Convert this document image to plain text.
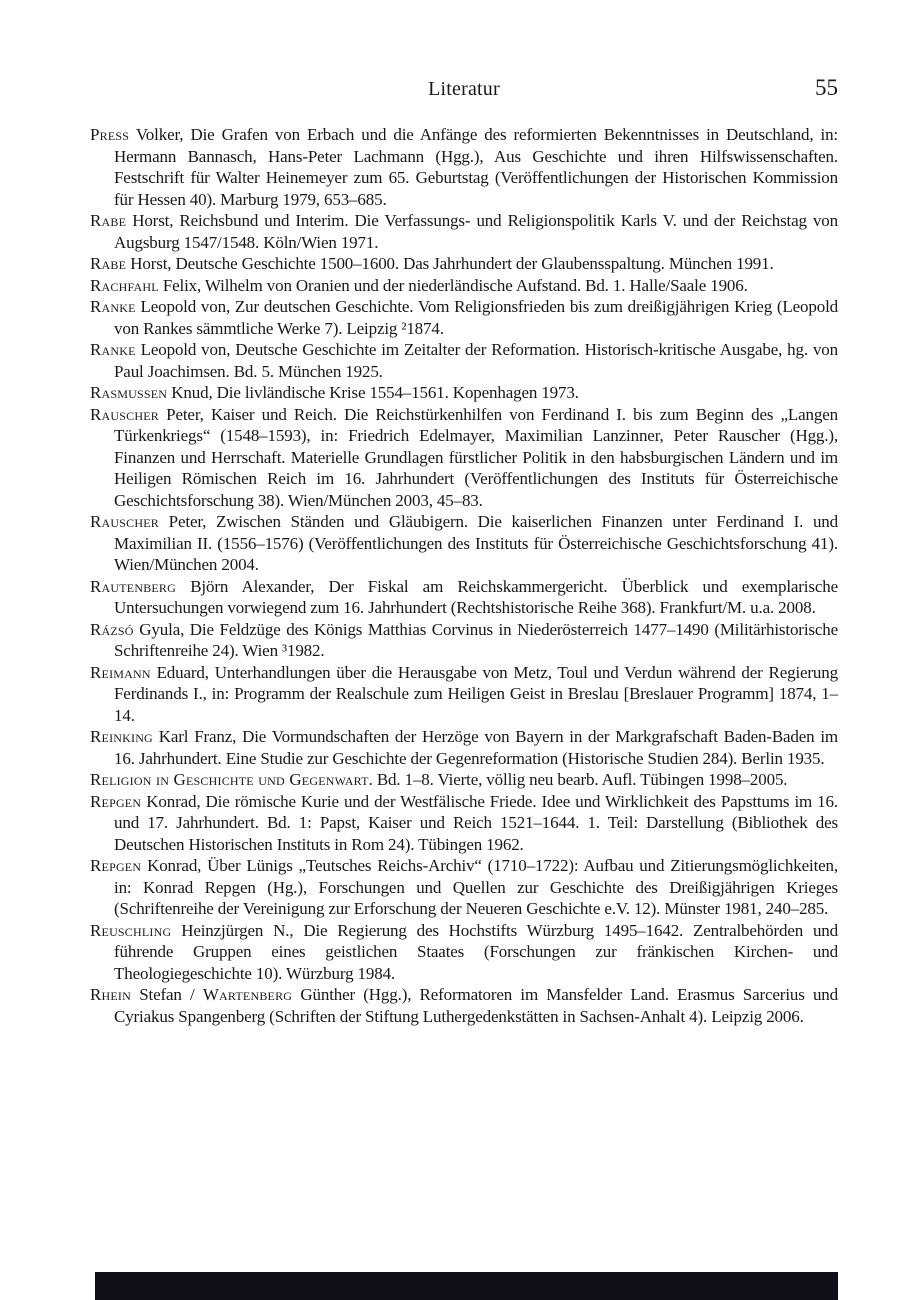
Literatur	55
Press Volker, Die Grafen von Erbach und die Anfänge des reformierten Bekenntnisses in Deutschland, in: Hermann Bannasch, Hans-Peter Lachmann (Hgg.), Aus Geschichte und ihren Hilfswissenschaften. Festschrift für Walter Heinemeyer zum 65. Geburtstag (Veröffentlichungen der Historischen Kommission für Hessen 40). Marburg 1979, 653–685.
Rabe Horst, Reichsbund und Interim. Die Verfassungs- und Religionspolitik Karls V. und der Reichstag von Augsburg 1547/1548. Köln/Wien 1971.
Rabe Horst, Deutsche Geschichte 1500–1600. Das Jahrhundert der Glaubensspaltung. München 1991.
Rachfahl Felix, Wilhelm von Oranien und der niederländische Aufstand. Bd. 1. Halle/Saale 1906.
Ranke Leopold von, Zur deutschen Geschichte. Vom Religionsfrieden bis zum dreißigjährigen Krieg (Leopold von Rankes sämmtliche Werke 7). Leipzig ²1874.
Ranke Leopold von, Deutsche Geschichte im Zeitalter der Reformation. Historisch-kritische Ausgabe, hg. von Paul Joachimsen. Bd. 5. München 1925.
Rasmussen Knud, Die livländische Krise 1554–1561. Kopenhagen 1973.
Rauscher Peter, Kaiser und Reich. Die Reichstürkenhilfen von Ferdinand I. bis zum Beginn des „Langen Türkenkriegs“ (1548–1593), in: Friedrich Edelmayer, Maximilian Lanzinner, Peter Rauscher (Hgg.), Finanzen und Herrschaft. Materielle Grundlagen fürstlicher Politik in den habsburgischen Ländern und im Heiligen Römischen Reich im 16. Jahrhundert (Veröffentlichungen des Instituts für Österreichische Geschichtsforschung 38). Wien/München 2003, 45–83.
Rauscher Peter, Zwischen Ständen und Gläubigern. Die kaiserlichen Finanzen unter Ferdinand I. und Maximilian II. (1556–1576) (Veröffentlichungen des Instituts für Österreichische Geschichtsforschung 41). Wien/München 2004.
Rautenberg Björn Alexander, Der Fiskal am Reichskammergericht. Überblick und exemplarische Untersuchungen vorwiegend zum 16. Jahrhundert (Rechtshistorische Reihe 368). Frankfurt/M. u.a. 2008.
Rázsó Gyula, Die Feldzüge des Königs Matthias Corvinus in Niederösterreich 1477–1490 (Militärhistorische Schriftenreihe 24). Wien ³1982.
Reimann Eduard, Unterhandlungen über die Herausgabe von Metz, Toul und Verdun während der Regierung Ferdinands I., in: Programm der Realschule zum Heiligen Geist in Breslau [Breslauer Programm] 1874, 1–14.
Reinking Karl Franz, Die Vormundschaften der Herzöge von Bayern in der Markgrafschaft Baden-Baden im 16. Jahrhundert. Eine Studie zur Geschichte der Gegenreformation (Historische Studien 284). Berlin 1935.
Religion in Geschichte und Gegenwart. Bd. 1–8. Vierte, völlig neu bearb. Aufl. Tübingen 1998–2005.
Repgen Konrad, Die römische Kurie und der Westfälische Friede. Idee und Wirklichkeit des Papsttums im 16. und 17. Jahrhundert. Bd. 1: Papst, Kaiser und Reich 1521–1644. 1. Teil: Darstellung (Bibliothek des Deutschen Historischen Instituts in Rom 24). Tübingen 1962.
Repgen Konrad, Über Lünigs „Teutsches Reichs-Archiv“ (1710–1722): Aufbau und Zitierungsmöglichkeiten, in: Konrad Repgen (Hg.), Forschungen und Quellen zur Geschichte des Dreißigjährigen Krieges (Schriftenreihe der Vereinigung zur Erforschung der Neueren Geschichte e.V. 12). Münster 1981, 240–285.
Reuschling Heinzjürgen N., Die Regierung des Hochstifts Würzburg 1495–1642. Zentralbehörden und führende Gruppen eines geistlichen Staates (Forschungen zur fränkischen Kirchen- und Theologiegeschichte 10). Würzburg 1984.
Rhein Stefan / Wartenberg Günther (Hgg.), Reformatoren im Mansfelder Land. Erasmus Sarcerius und Cyriakus Spangenberg (Schriften der Stiftung Luthergedenkstätten in Sachsen-Anhalt 4). Leipzig 2006.
